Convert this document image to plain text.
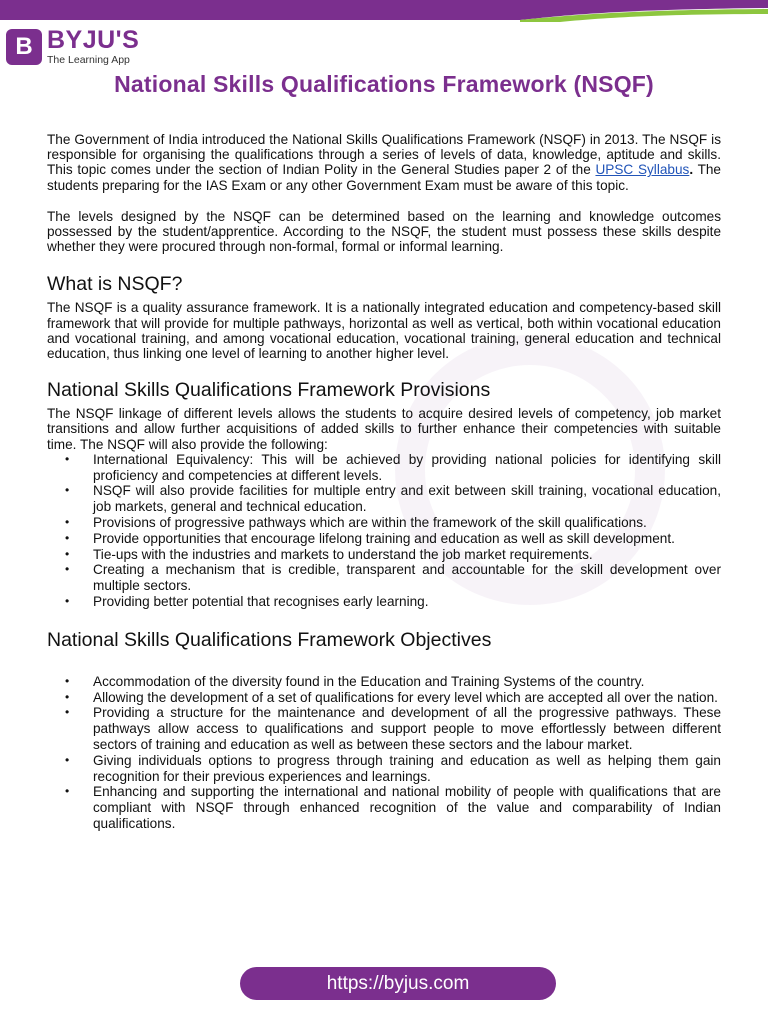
B BYJU'S
The Learning App
National Skills Qualifications Framework (NSQF)

The Government of India introduced the National Skills Qualifications Framework (NSQF) in 2013. The NSQF is responsible for organising the qualifications through a series of levels of data, knowledge, aptitude and skills. This topic comes under the section of Indian Polity in the General Studies paper 2 of the UPSC Syllabus. The students preparing for the IAS Exam or any other Government Exam must be aware of this topic.

The levels designed by the NSQF can be determined based on the learning and knowledge outcomes possessed by the student/apprentice. According to the NSQF, the student must possess these skills despite whether they were procured through non-formal, formal or informal learning.

What is NSQF?

The NSQF is a quality assurance framework. It is a nationally integrated education and competency-based skill framework that will provide for multiple pathways, horizontal as well as vertical, both within vocational education and vocational training, and among vocational education, vocational training, general education and technical education, thus linking one level of learning to another higher level.

National Skills Qualifications Framework Provisions

The NSQF linkage of different levels allows the students to acquire desired levels of competency, job market transitions and allow further acquisitions of added skills to further enhance their competencies with suitable time. The NSQF will also provide the following:

• International Equivalency: This will be achieved by providing national policies for identifying skill proficiency and competencies at different levels.
• NSQF will also provide facilities for multiple entry and exit between skill training, vocational education, job markets, general and technical education.
• Provisions of progressive pathways which are within the framework of the skill qualifications.
• Provide opportunities that encourage lifelong training and education as well as skill development.
• Tie-ups with the industries and markets to understand the job market requirements.
• Creating a mechanism that is credible, transparent and accountable for the skill development over multiple sectors.
• Providing better potential that recognises early learning.
National Skills Qualifications Framework Objectives
• Accommodation of the diversity found in the Education and Training Systems of the country.
• Allowing the development of a set of qualifications for every level which are accepted all over the nation.
• Providing a structure for the maintenance and development of all the progressive pathways. These pathways allow access to qualifications and support people to move effortlessly between different sectors of training and education as well as between these sectors and the labour market.
• Giving individuals options to progress through training and education as well as helping them gain recognition for their previous experiences and learnings.
• Enhancing and supporting the international and national mobility of people with qualifications that are compliant with NSQF through enhanced recognition of the value and comparability of Indian qualifications.
https://byjus.com
